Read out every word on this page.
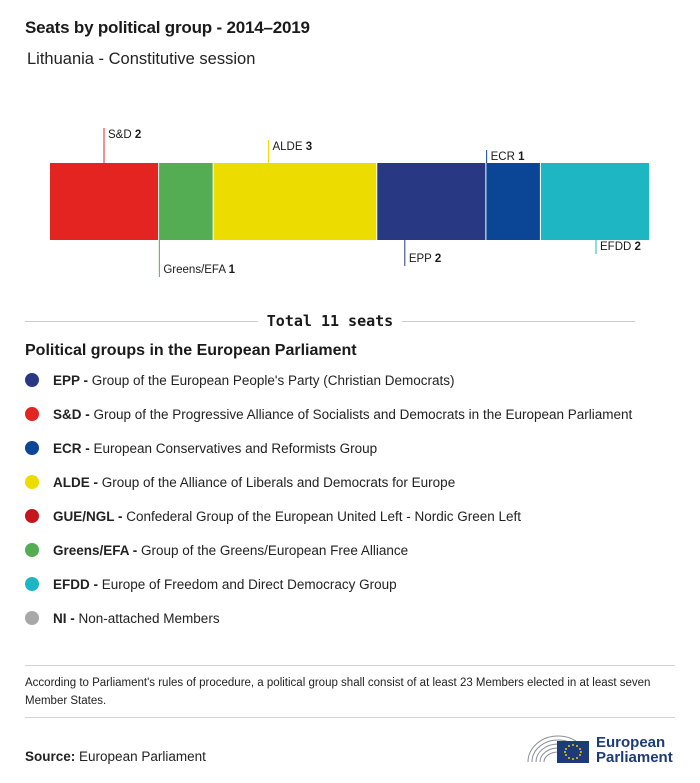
Seats by political group - 2014–2019
Lithuania - Constitutive session
S&D 2
Greens/EFA 1
ALDE 3
EPP 2
ECR 1
EFDD 2
Total 11 seats
Political groups in the European Parliament
EPP - Group of the European People's Party (Christian Democrats)
S&D - Group of the Progressive Alliance of Socialists and Democrats in the European Parliament
ECR - European Conservatives and Reformists Group
ALDE - Group of the Alliance of Liberals and Democrats for Europe
GUE/NGL - Confederal Group of the European United Left - Nordic Green Left
Greens/EFA - Group of the Greens/European Free Alliance
EFDD - Europe of Freedom and Direct Democracy Group
NI - Non-attached Members
According to Parliament's rules of procedure, a political group shall consist of at least 23 Members elected in at least seven Member States.
Source: European Parliament
European
Parliament
